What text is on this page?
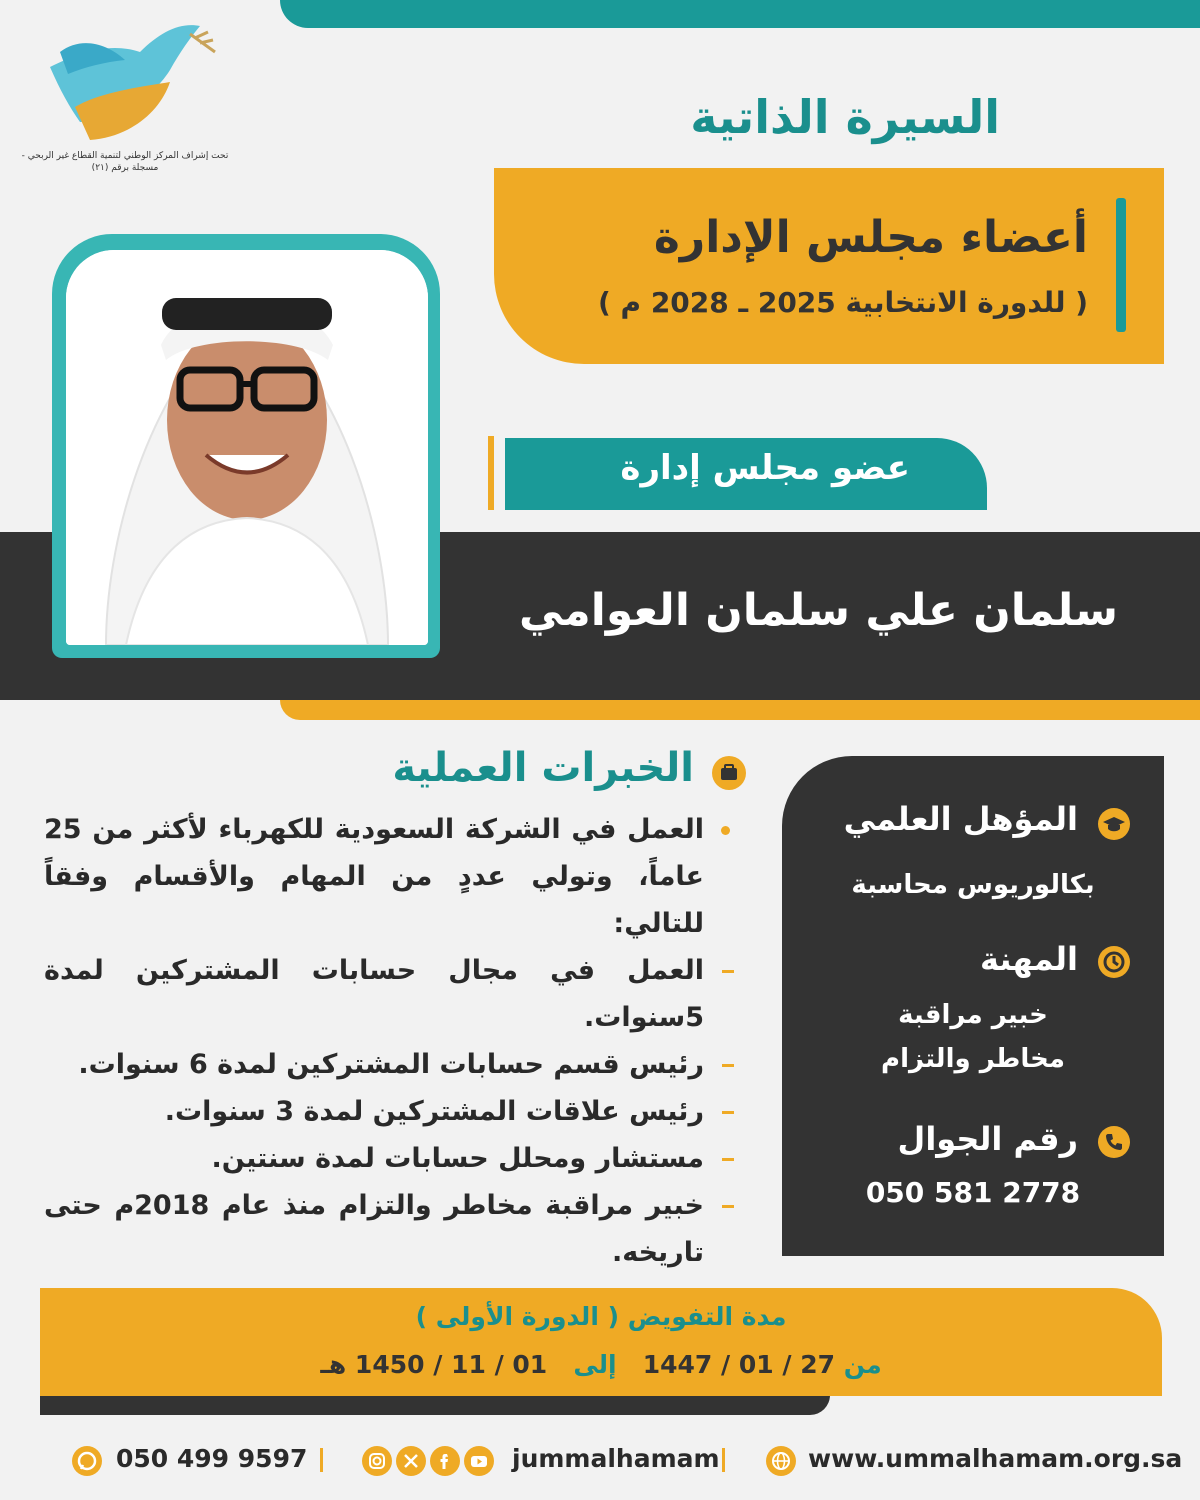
تحت إشراف المركز الوطني لتنمية القطاع غير الربحي - مسجلة برقم (٢١)
السيرة الذاتية
أعضاء مجلس الإدارة
( للدورة الانتخابية 2025 ـ 2028 م )
عضو مجلس إدارة
سلمان علي سلمان العوامي
الخبرات العملية
العمل في الشركة السعودية للكهرباء لأكثر من 25 عاماً، وتولي عددٍ من المهام والأقسام وفقاً للتالي:
العمل في مجال حسابات المشتركين لمدة 5سنوات.
رئيس قسم حسابات المشتركين لمدة 6 سنوات.
رئيس علاقات المشتركين لمدة 3 سنوات.
مستشار ومحلل حسابات لمدة سنتين.
خبير مراقبة مخاطر والتزام منذ عام 2018م حتى تاريخه.
المؤهل العلمي
بكالوريوس محاسبة
المهنة
خبير مراقبة
مخاطر والتزام
رقم الجوال
050 581 2778
مدة التفويض ( الدورة الأولى )
من 27 / 01 / 1447   إلى   01 / 11 / 1450 هـ
050 499 9597	jummalhamam	www.ummalhamam.org.sa
